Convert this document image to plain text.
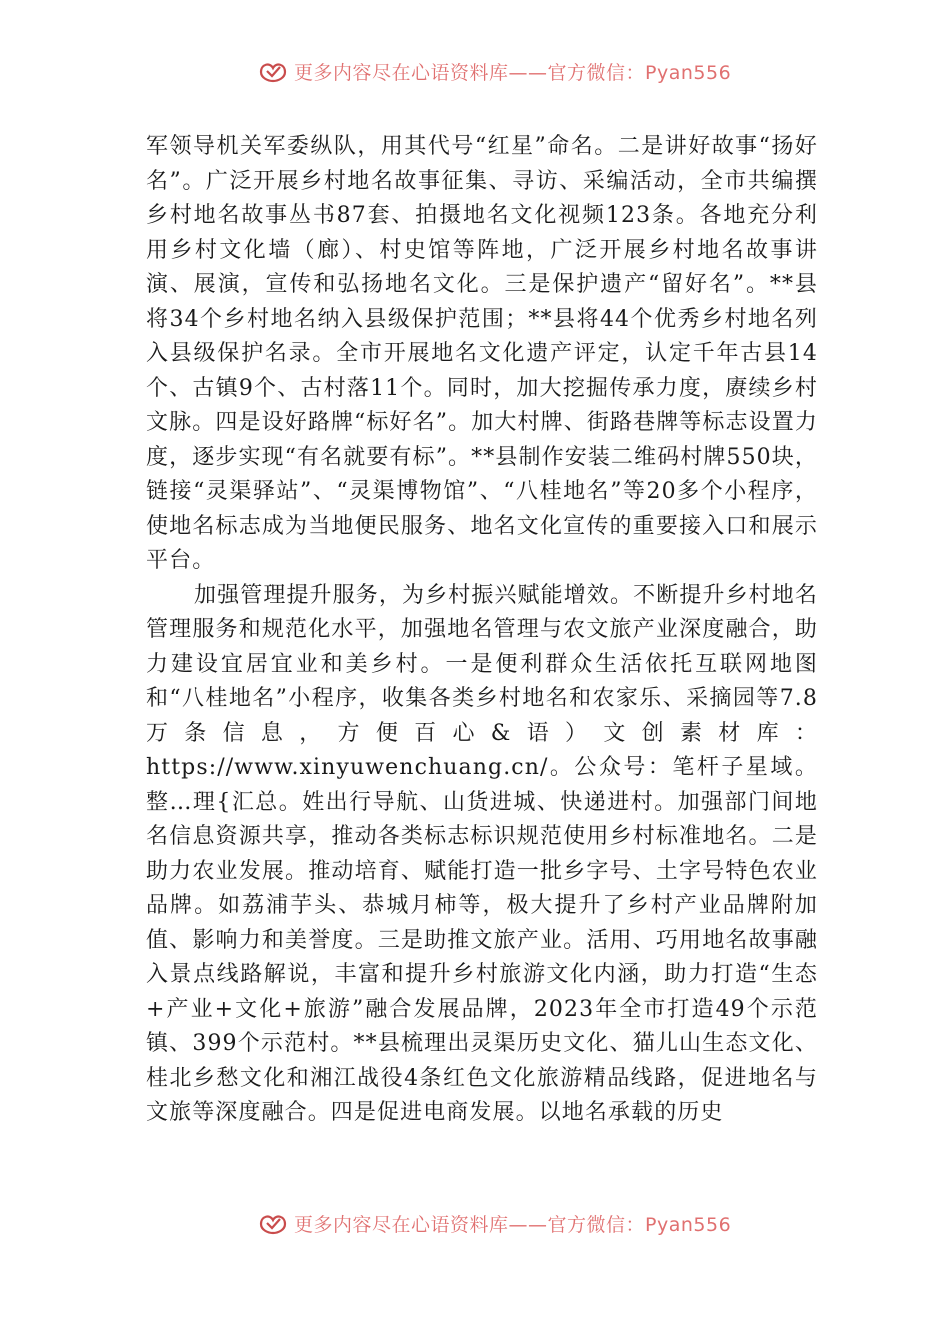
更多内容尽在心语资料库——官方微信：Pyan556

军领导机关军委纵队，用其代号“红星”命名。二是讲好故事“扬好名”。广泛开展乡村地名故事征集、寻访、采编活动，全市共编撰乡村地名故事丛书87套、拍摄地名文化视频123条。各地充分利用乡村文化墙（廊）、村史馆等阵地，广泛开展乡村地名故事讲演、展演，宣传和弘扬地名文化。三是保护遗产“留好名”。**县将34个乡村地名纳入县级保护范围；**县将44个优秀乡村地名列入县级保护名录。全市开展地名文化遗产评定，认定千年古县14个、古镇9个、古村落11个。同时，加大挖掘传承力度，赓续乡村文脉。四是设好路牌“标好名”。加大村牌、街路巷牌等标志设置力度，逐步实现“有名就要有标”。**县制作安装二维码村牌550块，链接“灵渠驿站”、“灵渠博物馆”、“八桂地名”等20多个小程序，使地名标志成为当地便民服务、地名文化宣传的重要接入口和展示平台。

加强管理提升服务，为乡村振兴赋能增效。不断提升乡村地名管理服务和规范化水平，加强地名管理与农文旅产业深度融合，助力建设宜居宜业和美乡村。一是便利群众生活依托互联网地图和“八桂地名”小程序，收集各类乡村地名和农家乐、采摘园等7.8万条信息，方便百心&语）文创素材库：https://www.xinyuwenchuang.cn/。公众号：笔杆子星域。整…理{汇总。姓出行导航、山货进城、快递进村。加强部门间地名信息资源共享，推动各类标志标识规范使用乡村标准地名。二是助力农业发展。推动培育、赋能打造一批乡字号、土字号特色农业品牌。如荔浦芋头、恭城月柿等，极大提升了乡村产业品牌附加值、影响力和美誉度。三是助推文旅产业。活用、巧用地名故事融入景点线路解说，丰富和提升乡村旅游文化内涵，助力打造“生态+产业+文化+旅游”融合发展品牌，2023年全市打造49个示范镇、399个示范村。**县梳理出灵渠历史文化、猫儿山生态文化、桂北乡愁文化和湘江战役4条红色文化旅游精品线路，促进地名与文旅等深度融合。四是促进电商发展。以地名承载的历史

更多内容尽在心语资料库——官方微信：Pyan556
